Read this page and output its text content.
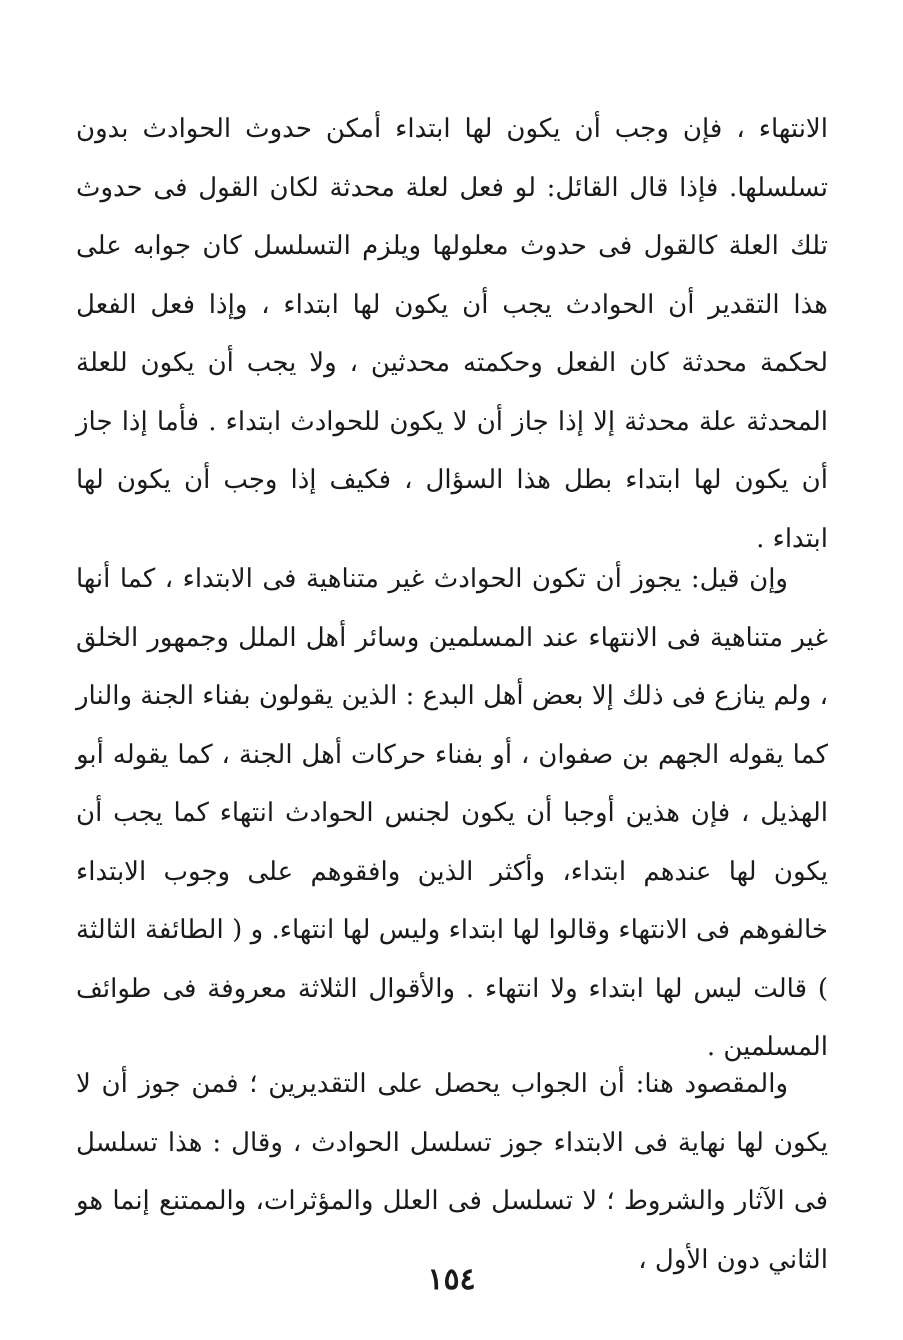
الانتهاء ، فإن وجب أن يكون لها ابتداء أمكن حدوث الحوادث بدون تسلسلها. فإذا قال القائل: لو فعل لعلة محدثة لكان القول فى حدوث تلك العلة كالقول فى حدوث معلولها ويلزم التسلسل كان جوابه على هذا التقدير أن الحوادث يجب أن يكون لها ابتداء ، وإذا فعل الفعل لحكمة محدثة كان الفعل وحكمته محدثين ، ولا يجب أن يكون للعلة المحدثة علة محدثة إلا إذا جاز أن لا يكون للحوادث ابتداء . فأما إذا جاز أن يكون لها ابتداء بطل هذا السؤال ، فكيف إذا وجب أن يكون لها ابتداء .

وإن قيل: يجوز أن تكون الحوادث غير متناهية فى الابتداء ، كما أنها غير متناهية فى الانتهاء عند المسلمين وسائر أهل الملل وجمهور الخلق ، ولم ينازع فى ذلك إلا بعض أهل البدع : الذين يقولون بفناء الجنة والنار كما يقوله الجهم بن صفوان ، أو بفناء حركات أهل الجنة ، كما يقوله أبو الهذيل ، فإن هذين أوجبا أن يكون لجنس الحوادث انتهاء كما يجب أن يكون لها عندهم ابتداء، وأكثر الذين وافقوهم على وجوب الابتداء خالفوهم فى الانتهاء وقالوا لها ابتداء وليس لها انتهاء. و ( الطائفة الثالثة ) قالت ليس لها ابتداء ولا انتهاء . والأقوال الثلاثة معروفة فى طوائف المسلمين .

والمقصود هنا: أن الجواب يحصل على التقديرين ؛ فمن جوز أن لا يكون لها نهاية فى الابتداء جوز تسلسل الحوادث ، وقال : هذا تسلسل فى الآثار والشروط ؛ لا تسلسل فى العلل والمؤثرات، والممتنع إنما هو الثاني دون الأول ،

١٥٤
